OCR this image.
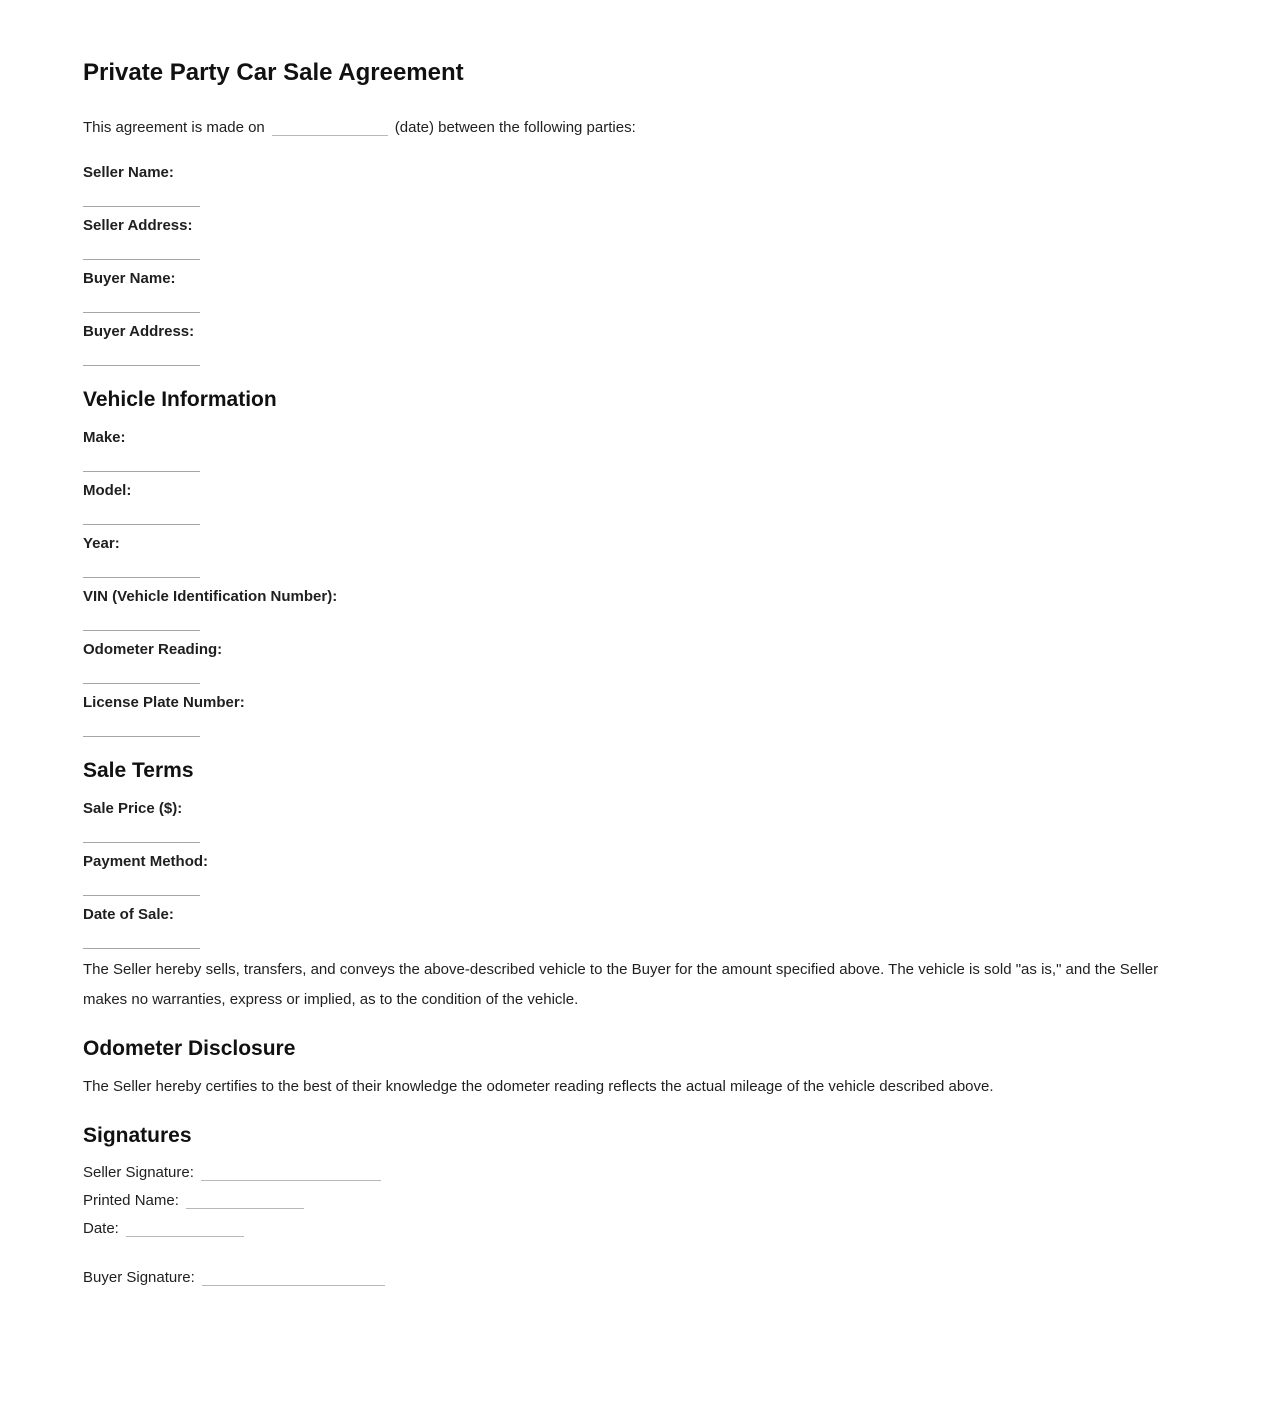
Private Party Car Sale Agreement

This agreement is made on	(date) between the following parties:

Seller Name:

Seller Address:

Buyer Name:

Buyer Address:

Vehicle Information

Make:

Model:

Year:

VIN (Vehicle Identification Number):

Odometer Reading:

License Plate Number:

Sale Terms

Sale Price ($):

Payment Method:

Date of Sale:

The Seller hereby sells, transfers, and conveys the above-described vehicle to the Buyer for the amount specified above. The vehicle is sold "as is," and the Seller makes no warranties, express or implied, as to the condition of the vehicle.

Odometer Disclosure

The Seller hereby certifies to the best of their knowledge the odometer reading reflects the actual mileage of the vehicle described above.

Signatures

Seller Signature:
Printed Name:
Date:

Buyer Signature:
